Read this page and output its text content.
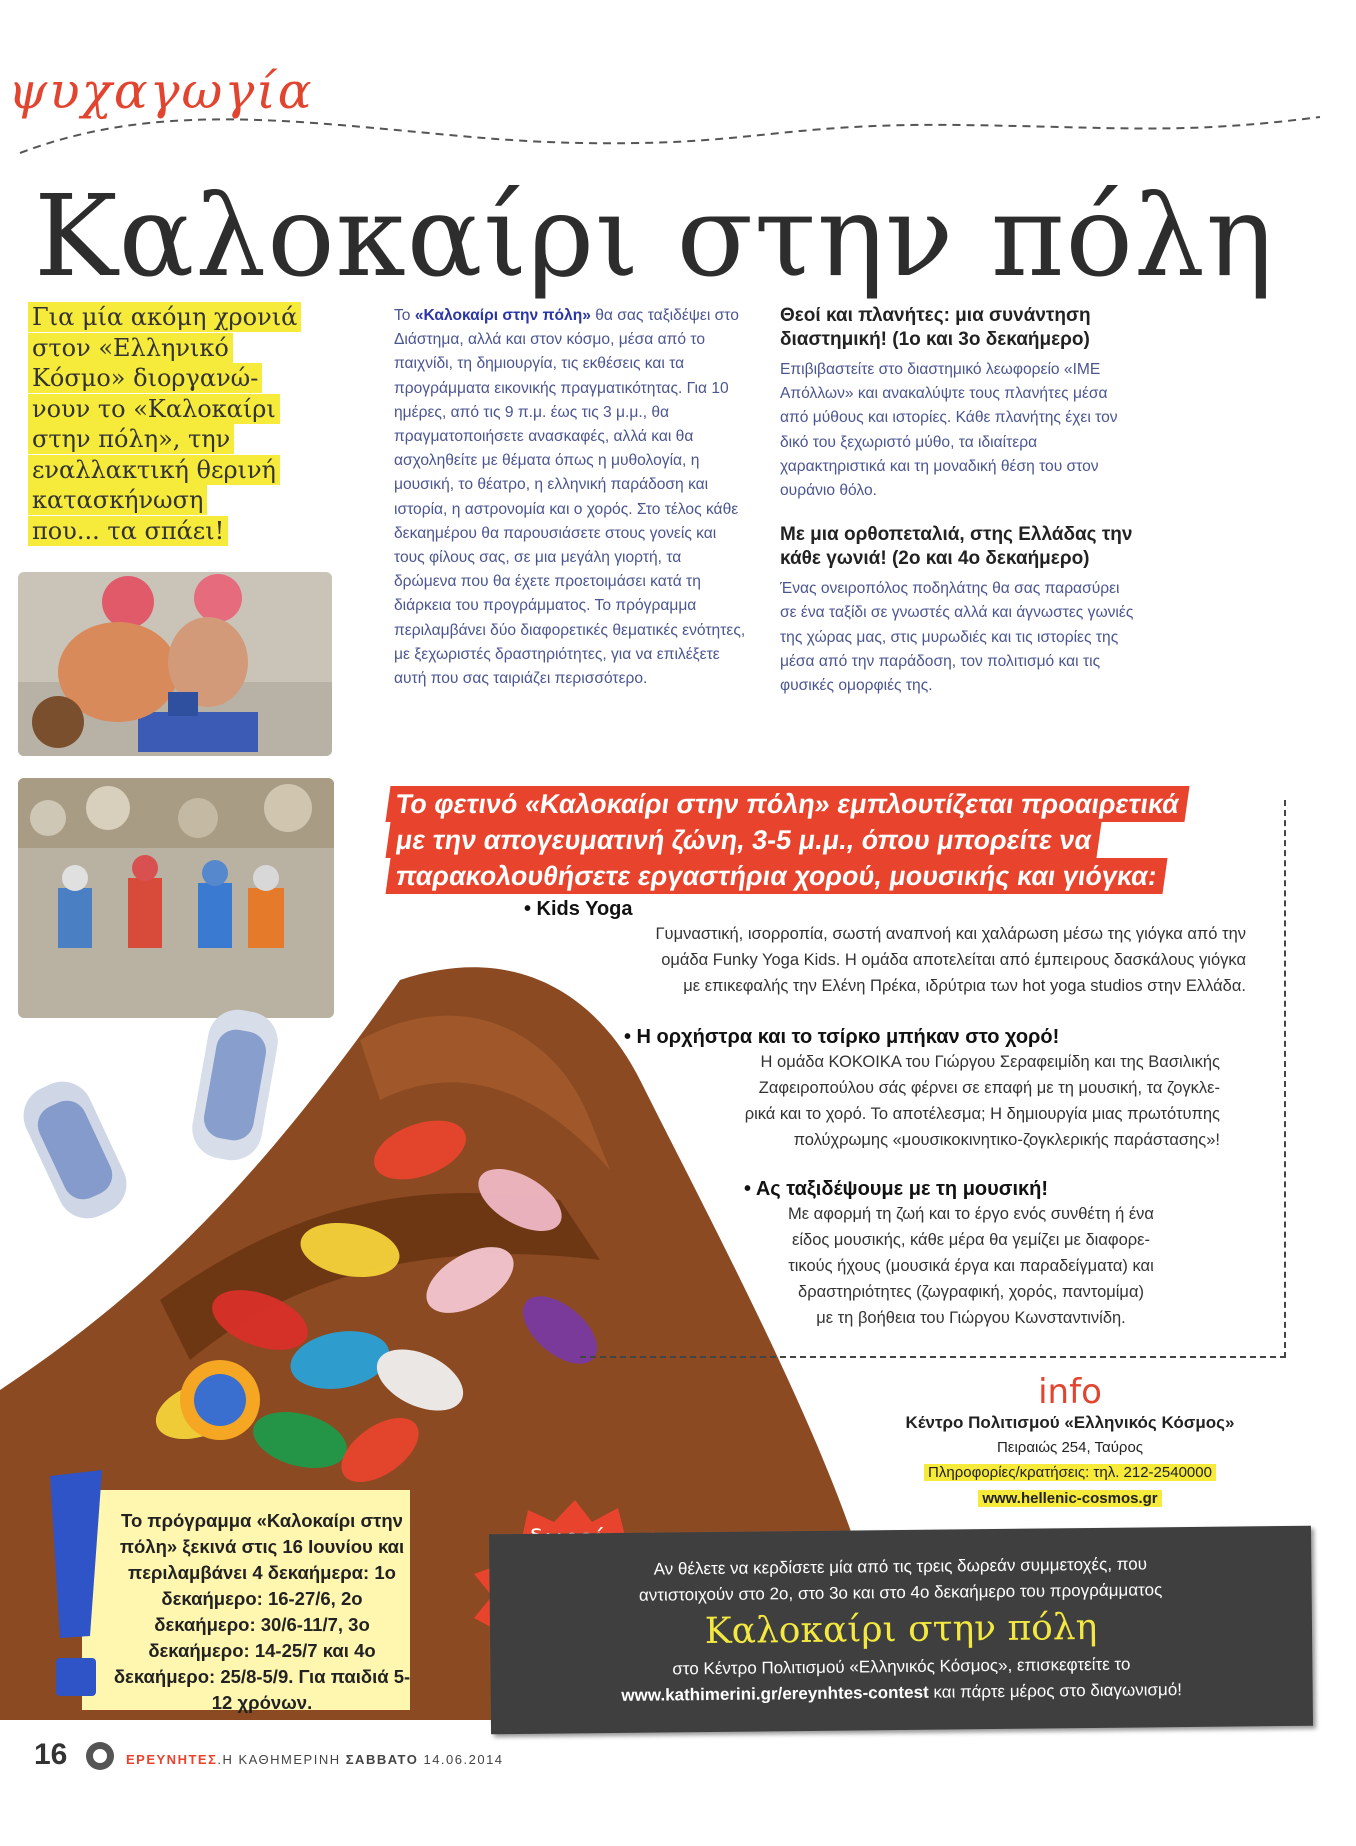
ψυχαγωγία
Καλοκαίρι στην πόλη
Για μία ακόμη χρονιά
στον «Ελληνικό
Κόσμο» διοργανώ-
νουν το «Καλοκαίρι
στην πόλη», την
εναλλακτική θερινή
κατασκήνωση
που... τα σπάει!
Το «Καλοκαίρι στην πόλη» θα σας ταξιδέψει στο Διάστημα, αλλά και στον κόσμο, μέσα από το παιχνίδι, τη δημιουργία, τις εκθέσεις και τα προγράμματα εικονικής πραγματικότητας. Για 10 ημέρες, από τις 9 π.μ. έως τις 3 μ.μ., θα πραγματοποιήσετε ανασκαφές, αλλά και θα ασχοληθείτε με θέματα όπως η μυθολογία, η μουσική, το θέατρο, η ελληνική παράδοση και ιστορία, η αστρονομία και ο χορός. Στο τέλος κάθε δεκαημέρου θα παρουσιάσετε στους γονείς και τους φίλους σας, σε μια μεγάλη γιορτή, τα δρώμενα που θα έχετε προετοιμάσει κατά τη διάρκεια του προγράμματος. Το πρόγραμμα περιλαμβάνει δύο διαφορετικές θεματικές ενότητες, με ξεχωριστές δραστηριότητες, για να επιλέξετε αυτή που σας ταιριάζει περισσότερο.
Θεοί και πλανήτες: μια συνάντηση διαστημική! (1ο και 3ο δεκαήμερο)
Επιβιβαστείτε στο διαστημικό λεωφορείο «ΙΜΕ Απόλλων» και ανακαλύψτε τους πλανήτες μέσα από μύθους και ιστορίες. Κάθε πλανήτης έχει τον δικό του ξεχωριστό μύθο, τα ιδιαίτερα χαρακτηριστικά και τη μοναδική θέση του στον ουράνιο θόλο.
Με μια ορθοπεταλιά, στης Ελλάδας την κάθε γωνιά! (2ο και 4ο δεκαήμερο)
Ένας ονειροπόλος ποδηλάτης θα σας παρασύρει σε ένα ταξίδι σε γνωστές αλλά και άγνωστες γωνιές της χώρας μας, στις μυρωδιές και τις ιστορίες της μέσα από την παράδοση, τον πολιτισμό και τις φυσικές ομορφιές της.
Το φετινό «Καλοκαίρι στην πόλη» εμπλουτίζεται προαιρετικά
με την απογευματινή ζώνη, 3-5 μ.μ., όπου μπορείτε να
παρακολουθήσετε εργαστήρια χορού, μουσικής και γιόγκα:
• Kids Yoga
Γυμναστική, ισορροπία, σωστή αναπνοή και χαλάρωση μέσω της γιόγκα από την
ομάδα Funky Yoga Kids. Η ομάδα αποτελείται από έμπειρους δασκάλους γιόγκα
με επικεφαλής την Ελένη Πρέκα, ιδρύτρια των hot yoga studios στην Ελλάδα.
• Η ορχήστρα και το τσίρκο μπήκαν στο χορό!
Η ομάδα ΚΟΚΟΙΚΑ του Γιώργου Σεραφειμίδη και της Βασιλικής
Ζαφειροπούλου σάς φέρνει σε επαφή με τη μουσική, τα ζογκλε-
ρικά και το χορό. Το αποτέλεσμα; Η δημιουργία μιας πρωτότυπης
πολύχρωμης «μουσικοκινητικο-ζογκλερικής παράστασης»!
• Ας ταξιδέψουμε με τη μουσική!
Με αφορμή τη ζωή και το έργο ενός συνθέτη ή ένα
είδος μουσικής, κάθε μέρα θα γεμίζει με διαφορε-
τικούς ήχους (μουσικά έργα και παραδείγματα) και
δραστηριότητες (ζωγραφική, χορός, παντομίμα)
με τη βοήθεια του Γιώργου Κωνσταντινίδη.
info
Κέντρο Πολιτισμού «Ελληνικός Κόσμος»
Πειραιώς 254, Ταύρος
Πληροφορίες/κρατήσεις: τηλ. 212-2540000
www.hellenic-cosmos.gr
Το πρόγραμμα «Καλοκαίρι στην πόλη» ξεκινά στις 16 Ιουνίου και περιλαμβάνει 4 δεκαήμερα: 1ο δεκαήμερο: 16-27/6, 2ο δεκαήμερο: 30/6-11/7, 3ο δεκαήμερο: 14-25/7 και 4ο δεκαήμερο: 25/8-5/9. Για παιδιά 5-12 χρόνων.
Αν θέλετε να κερδίσετε μία από τις τρεις δωρεάν συμμετοχές, που
αντιστοιχούν στο 2ο, στο 3ο και στο 4ο δεκαήμερο του προγράμματος
Καλοκαίρι στην πόλη
στο Κέντρο Πολιτισμού «Ελληνικός Κόσμος», επισκεφτείτε το
www.kathimerini.gr/ereynhtes-contest και πάρτε μέρος στο διαγωνισμό!
16	ΕΡΕΥΝΗΤΕΣ.Η ΚΑΘΗΜΕΡΙΝΗ ΣΑΒΒΑΤΟ 14.06.2014
